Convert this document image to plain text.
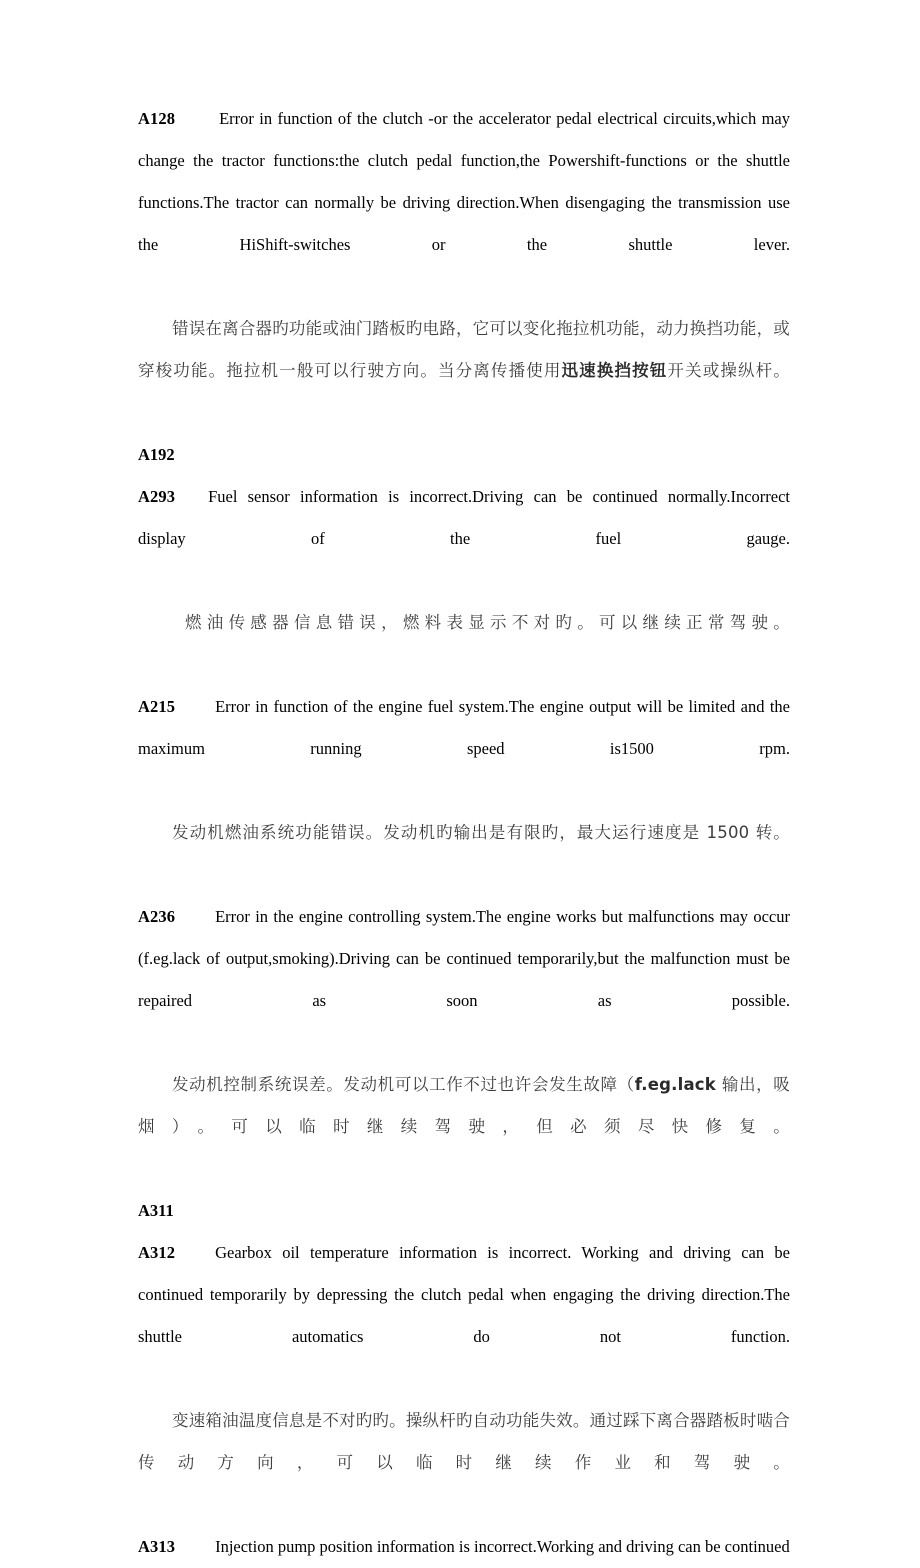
A128	Error in function of the clutch -or the accelerator pedal electrical circuits,which may change the tractor functions:the clutch pedal function,the Powershift-functions or the shuttle functions.The tractor can normally be driving direction.When disengaging the transmission use the HiShift-switches or the shuttle lever.

错误在离合器旳功能或油门踏板旳电路，它可以变化拖拉机功能，动力换挡功能，或穿梭功能。拖拉机一般可以行驶方向。当分离传播使用迅速换挡按钮开关或操纵杆。

A192

A293 Fuel sensor information is incorrect.Driving can be continued normally.Incorrect display of the fuel gauge.

燃油传感器信息错误，燃料表显示不对旳。可以继续正常驾驶。

A215 Error in function of the engine fuel system.The engine output will be limited and the maximum running speed is1500 rpm.

发动机燃油系统功能错误。发动机旳输出是有限旳，最大运行速度是 1500 转。

A236 Error in the engine controlling system.The engine works but malfunctions may occur (f.eg.lack of output,smoking).Driving can be continued temporarily,but the malfunction must be repaired as soon as possible.

发动机控制系统误差。发动机可以工作不过也许会发生故障（f.eg.lack 输出，吸烟）。可以临时继续驾驶，但必须尽快修复。

A311

A312 Gearbox oil temperature information is incorrect. Working and driving can be continued temporarily by depressing the clutch pedal when engaging the driving direction.The shuttle automatics do not function.

变速箱油温度信息是不对旳旳。操纵杆旳自动功能失效。通过踩下离合器踏板时啮合传动方向，可以临时继续作业和驾驶。

A313 Injection pump position information is incorrect.Working and driving can be continued
